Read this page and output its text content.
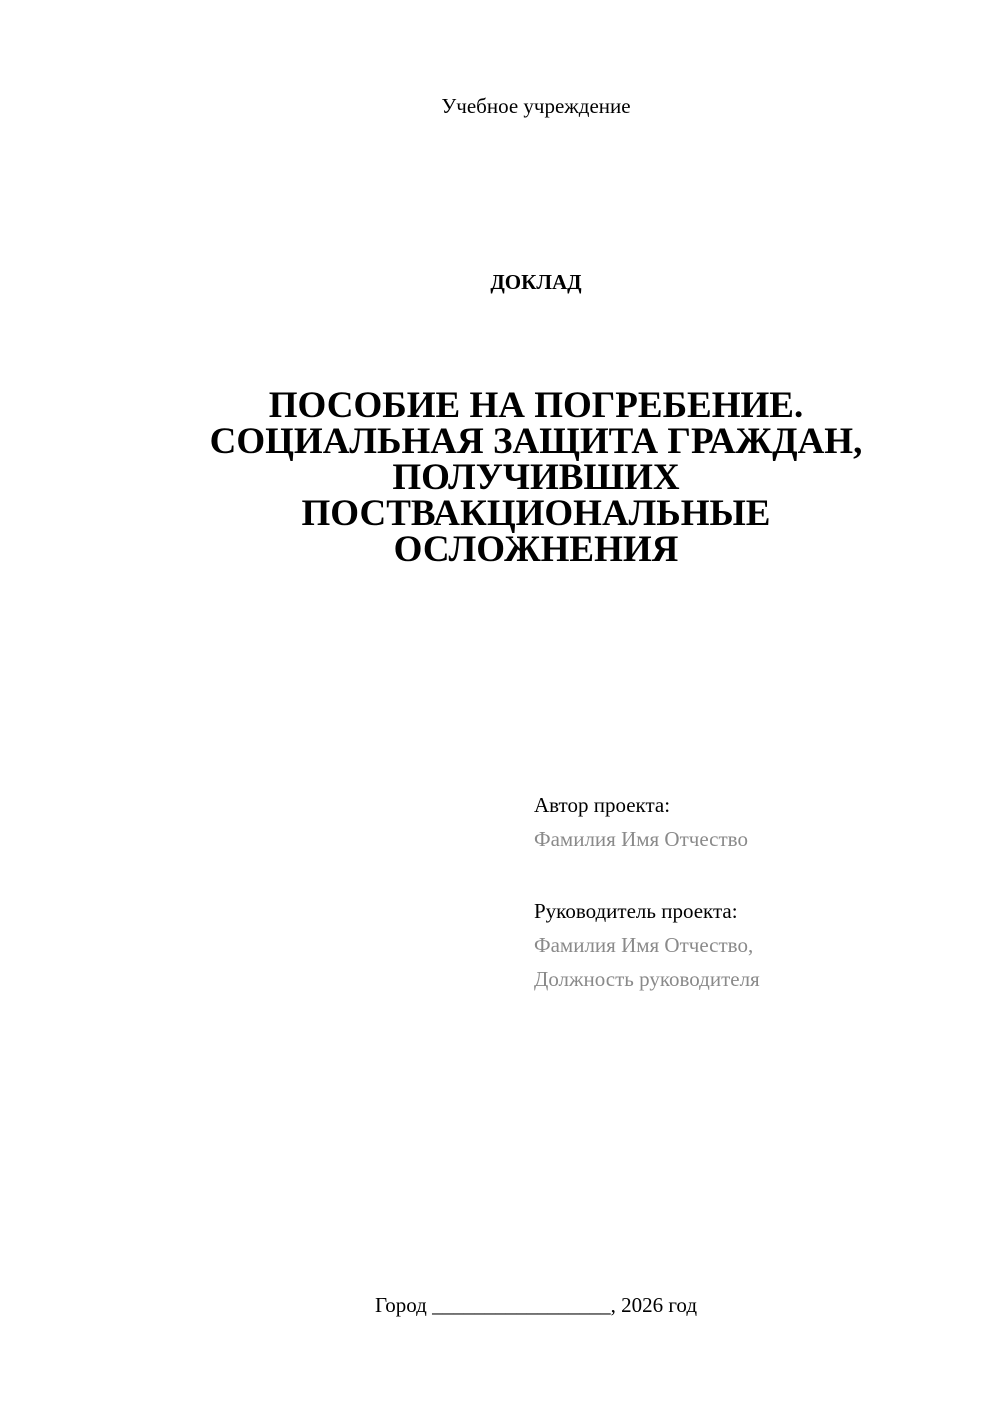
Учебное учреждение
ДОКЛАД
ПОСОБИЕ НА ПОГРЕБЕНИЕ.
СОЦИАЛЬНАЯ ЗАЩИТА ГРАЖДАН,
ПОЛУЧИВШИХ
ПОСТВАКЦИОНАЛЬНЫЕ
ОСЛОЖНЕНИЯ
Автор проекта:
Фамилия Имя Отчество
Руководитель проекта:
Фамилия Имя Отчество,
Должность руководителя
Город _________________, 2026 год
